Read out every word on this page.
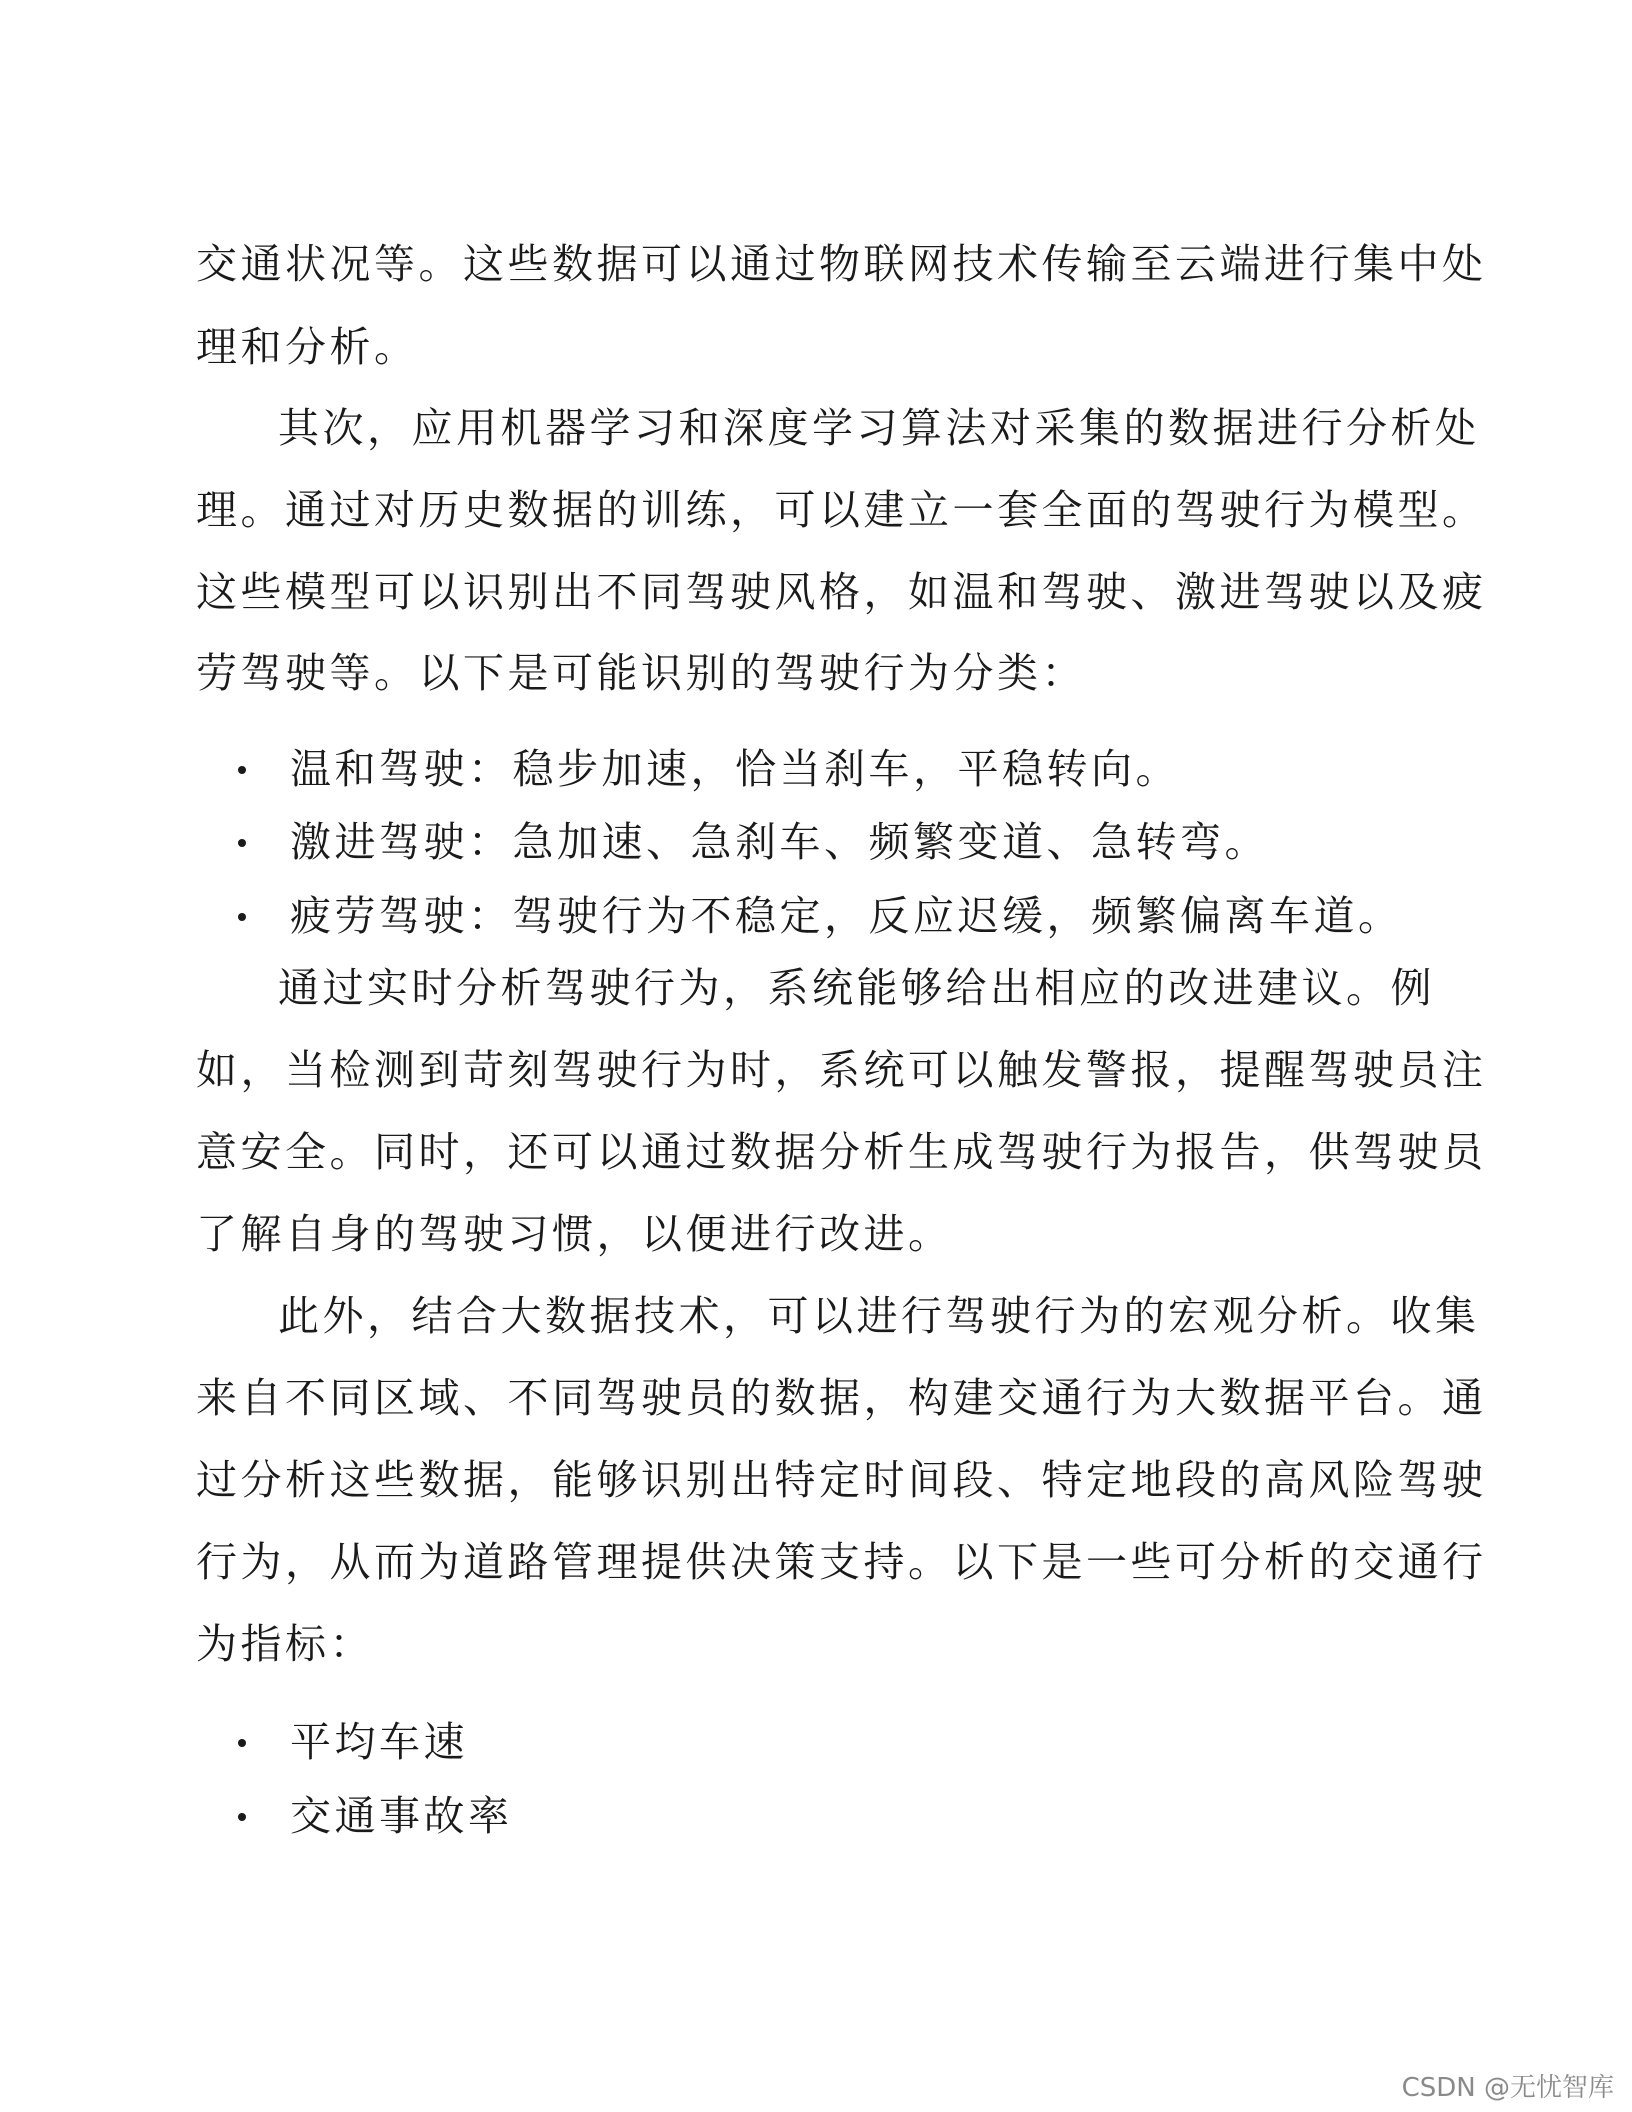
交通状况等。这些数据可以通过物联网技术传输至云端进行集中处
理和分析。
其次，应用机器学习和深度学习算法对采集的数据进行分析处
理。通过对历史数据的训练，可以建立一套全面的驾驶行为模型。
这些模型可以识别出不同驾驶风格，如温和驾驶、激进驾驶以及疲
劳驾驶等。以下是可能识别的驾驶行为分类：
温和驾驶：稳步加速，恰当刹车，平稳转向。
激进驾驶：急加速、急刹车、频繁变道、急转弯。
疲劳驾驶：驾驶行为不稳定，反应迟缓，频繁偏离车道。
通过实时分析驾驶行为，系统能够给出相应的改进建议。例
如，当检测到苛刻驾驶行为时，系统可以触发警报，提醒驾驶员注
意安全。同时，还可以通过数据分析生成驾驶行为报告，供驾驶员
了解自身的驾驶习惯，以便进行改进。
此外，结合大数据技术，可以进行驾驶行为的宏观分析。收集
来自不同区域、不同驾驶员的数据，构建交通行为大数据平台。通
过分析这些数据，能够识别出特定时间段、特定地段的高风险驾驶
行为，从而为道路管理提供决策支持。以下是一些可分析的交通行
为指标：
平均车速
交通事故率
CSDN @无忧智库
